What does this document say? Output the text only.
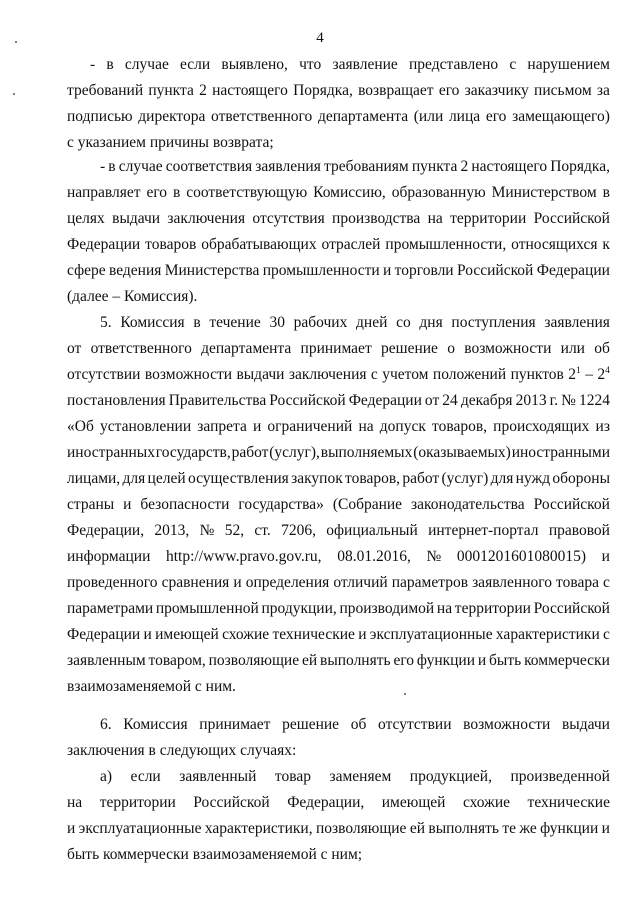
4
- в случае если выявлено, что заявление представлено с нарушением
требований пункта 2 настоящего Порядка, возвращает его заказчику письмом за
подписью директора ответственного департамента (или лица его замещающего)
с указанием причины возврата;
- в случае соответствия заявления требованиям пункта 2 настоящего Порядка,
направляет его в соответствующую Комиссию, образованную Министерством в
целях выдачи заключения отсутствия производства на территории Российской
Федерации товаров обрабатывающих отраслей промышленности, относящихся к
сфере ведения Министерства промышленности и торговли Российской Федерации
(далее – Комиссия).
5. Комиссия в течение 30 рабочих дней со дня поступления заявления
от ответственного департамента принимает решение о возможности или об
отсутствии возможности выдачи заключения с учетом положений пунктов $2^1 - 2^4$
постановления Правительства Российской Федерации от 24 декабря 2013 г. № 1224
«Об установлении запрета и ограничений на допуск товаров, происходящих из
иностранных государств, работ (услуг), выполняемых (оказываемых) иностранными
лицами, для целей осуществления закупок товаров, работ (услуг) для нужд обороны
страны и безопасности государства» (Собрание законодательства Российской
Федерации, 2013, № 52, ст. 7206, официальный интернет-портал правовой
информации http://www.pravo.gov.ru, 08.01.2016, № 0001201601080015) и
проведенного сравнения и определения отличий параметров заявленного товара с
параметрами промышленной продукции, производимой на территории Российской
Федерации и имеющей схожие технические и эксплуатационные характеристики с
заявленным товаром, позволяющие ей выполнять его функции и быть коммерчески
взаимозаменяемой с ним.
6. Комиссия принимает решение об отсутствии возможности выдачи
заключения в следующих случаях:
а) если заявленный товар заменяем продукцией, произведенной
на территории Российской Федерации, имеющей схожие технические
и эксплуатационные характеристики, позволяющие ей выполнять те же функции и
быть коммерчески взаимозаменяемой с ним;
